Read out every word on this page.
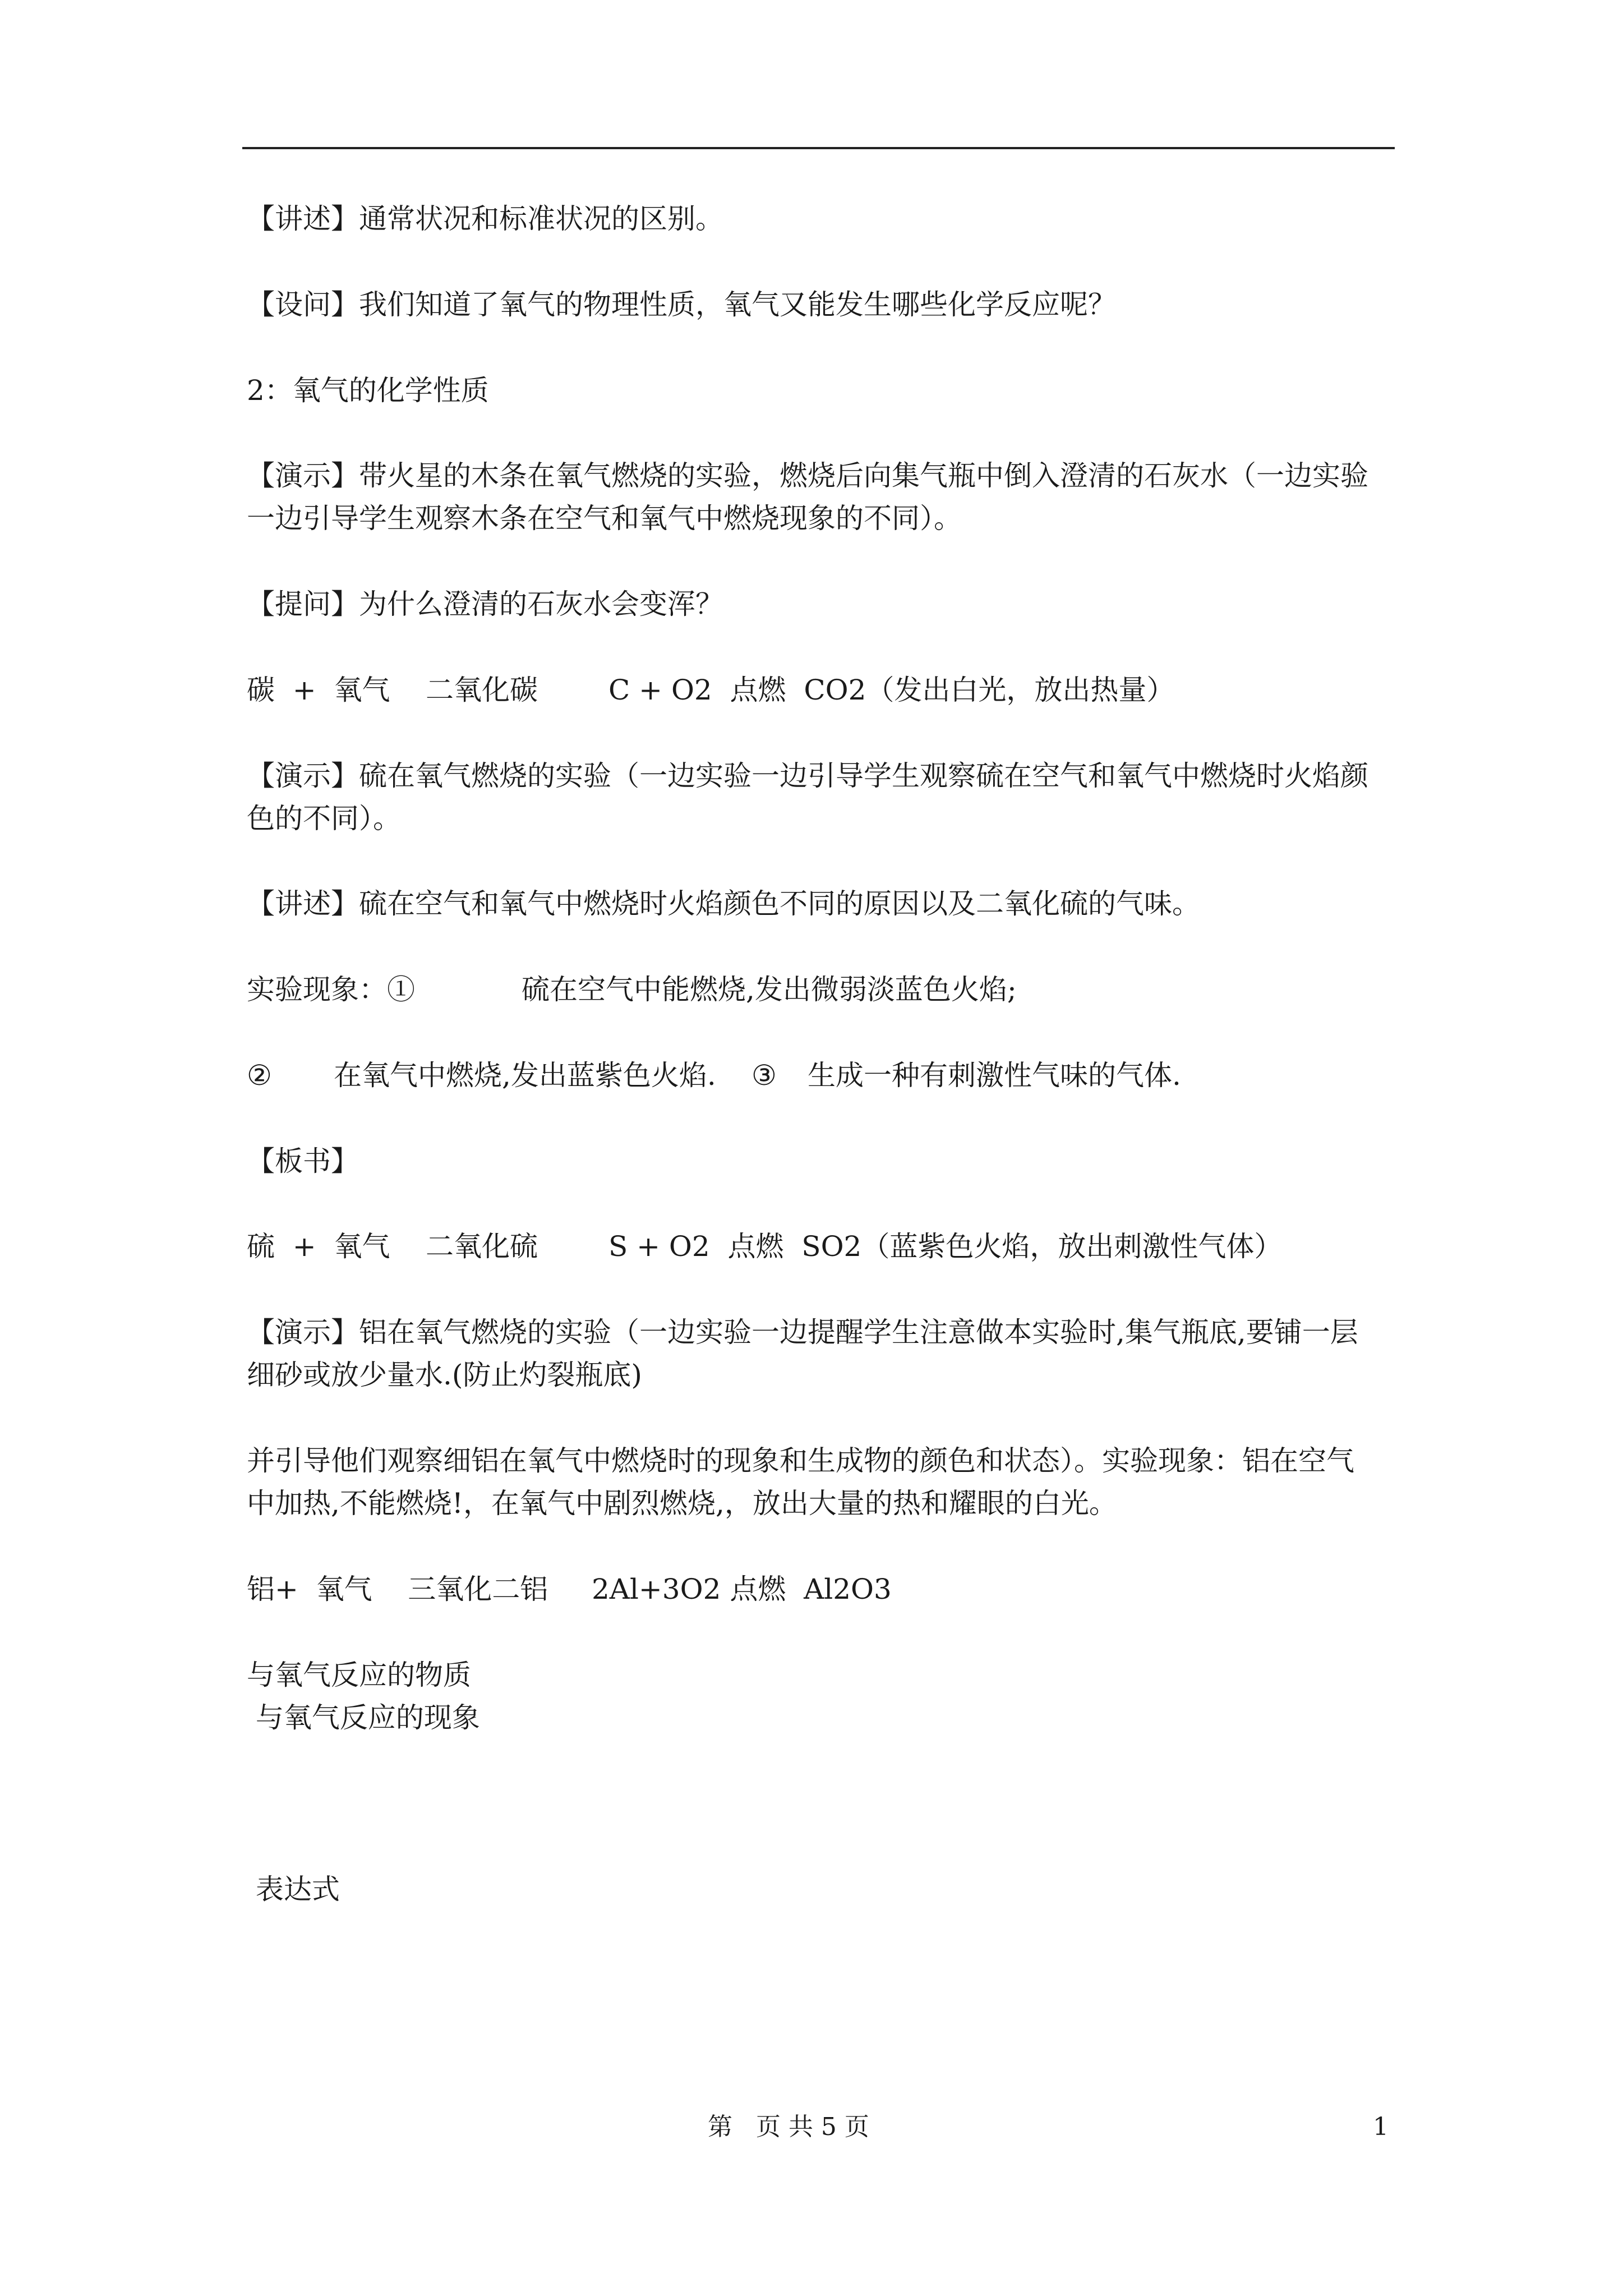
【讲述】通常状况和标准状况的区别。
【设问】我们知道了氧气的物理性质，氧气又能发生哪些化学反应呢？
2：氧气的化学性质
【演示】带火星的木条在氧气燃烧的实验，燃烧后向集气瓶中倒入澄清的石灰水（一边实验
一边引导学生观察木条在空气和氧气中燃烧现象的不同）。
【提问】为什么澄清的石灰水会变浑？

碳  +  氧气    二氧化碳

	C + O2  点燃  CO2（发出白光，放出热量）

【演示】硫在氧气燃烧的实验（一边实验一边引导学生观察硫在空气和氧气中燃烧时火焰颜
色的不同）。
【讲述】硫在空气和氧气中燃烧时火焰颜色不同的原因以及二氧化硫的气味。

实验现象：①

	硫在空气中能燃烧,发出微弱淡蓝色火焰;

②

在氧气中燃烧,发出蓝紫色火焰.

③

生成一种有刺激性气味的气体.

【板书】

硫  +  氧气    二氧化硫

	S + O2  点燃  SO2（蓝紫色火焰，放出刺激性气体）

【演示】铝在氧气燃烧的实验（一边实验一边提醒学生注意做本实验时,集气瓶底,要铺一层
细砂或放少量水.(防止灼裂瓶底)
并引导他们观察细铝在氧气中燃烧时的现象和生成物的颜色和状态）。实验现象：铝在空气
中加热,不能燃烧!，在氧气中剧烈燃烧,，放出大量的热和耀眼的白光。

铝+  氧气    三氧化二铝

2Al+3O2 点燃  Al2O3

与氧气反应的物质
与氧气反应的现象
表达式
第   页 共 5 页	1
